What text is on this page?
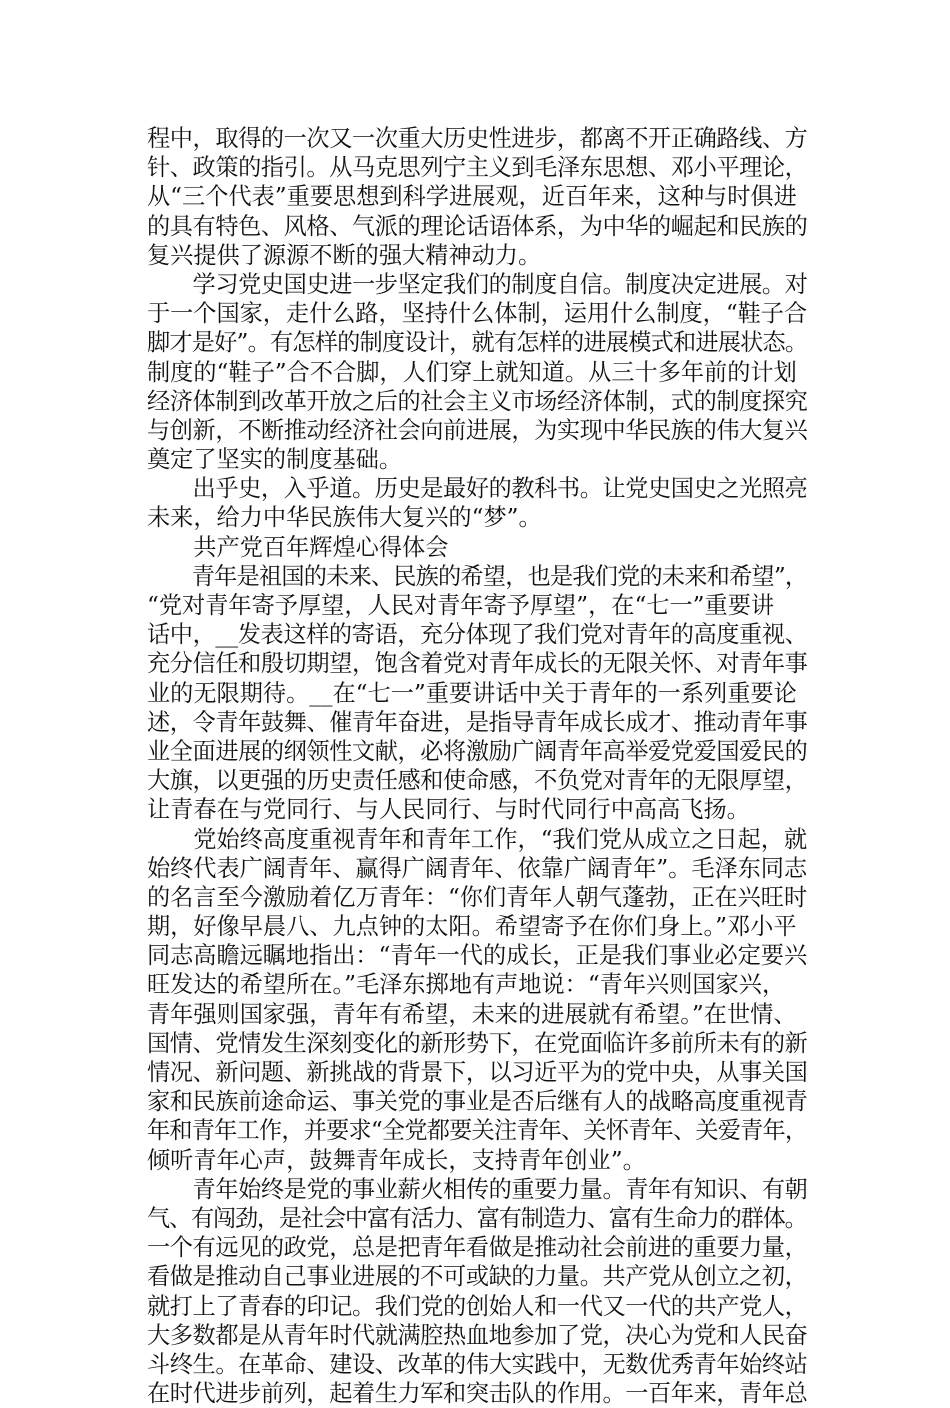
程中，取得的一次又一次重大历史性进步，都离不开正确路线、方
针、政策的指引。从马克思列宁主义到毛泽东思想、邓小平理论，
从“三个代表”重要思想到科学进展观，近百年来，这种与时俱进
的具有特色、风格、气派的理论话语体系，为中华的崛起和民族的
复兴提供了源源不断的强大精神动力。
　　学习党史国史进一步坚定我们的制度自信。制度决定进展。对
于一个国家，走什么路，坚持什么体制，运用什么制度，“鞋子合
脚才是好”。有怎样的制度设计，就有怎样的进展模式和进展状态。
制度的“鞋子”合不合脚，人们穿上就知道。从三十多年前的计划
经济体制到改革开放之后的社会主义市场经济体制，式的制度探究
与创新，不断推动经济社会向前进展，为实现中华民族的伟大复兴
奠定了坚实的制度基础。
　　出乎史，入乎道。历史是最好的教科书。让党史国史之光照亮
未来，给力中华民族伟大复兴的“梦”。
　　共产党百年辉煌心得体会
　　青年是祖国的未来、民族的希望，也是我们党的未来和希望”，
“党对青年寄予厚望，人民对青年寄予厚望”，在“七一”重要讲
话中，__发表这样的寄语，充分体现了我们党对青年的高度重视、
充分信任和殷切期望，饱含着党对青年成长的无限关怀、对青年事
业的无限期待。__在“七一”重要讲话中关于青年的一系列重要论
述，令青年鼓舞、催青年奋进，是指导青年成长成才、推动青年事
业全面进展的纲领性文献，必将激励广阔青年高举爱党爱国爱民的
大旗，以更强的历史责任感和使命感，不负党对青年的无限厚望，
让青春在与党同行、与人民同行、与时代同行中高高飞扬。
　　党始终高度重视青年和青年工作，“我们党从成立之日起，就
始终代表广阔青年、赢得广阔青年、依靠广阔青年”。毛泽东同志
的名言至今激励着亿万青年：“你们青年人朝气蓬勃，正在兴旺时
期，好像早晨八、九点钟的太阳。希望寄予在你们身上。”邓小平
同志高瞻远瞩地指出：“青年一代的成长，正是我们事业必定要兴
旺发达的希望所在。”毛泽东掷地有声地说：“青年兴则国家兴，
青年强则国家强，青年有希望，未来的进展就有希望。”在世情、
国情、党情发生深刻变化的新形势下，在党面临许多前所未有的新
情况、新问题、新挑战的背景下，以习近平为的党中央，从事关国
家和民族前途命运、事关党的事业是否后继有人的战略高度重视青
年和青年工作，并要求“全党都要关注青年、关怀青年、关爱青年，
倾听青年心声，鼓舞青年成长，支持青年创业”。
　　青年始终是党的事业薪火相传的重要力量。青年有知识、有朝
气、有闯劲，是社会中富有活力、富有制造力、富有生命力的群体。
一个有远见的政党，总是把青年看做是推动社会前进的重要力量，
看做是推动自己事业进展的不可或缺的力量。共产党从创立之初，
就打上了青春的印记。我们党的创始人和一代又一代的共产党人，
大多数都是从青年时代就满腔热血地参加了党，决心为党和人民奋
斗终生。在革命、建设、改革的伟大实践中，无数优秀青年始终站
在时代进步前列，起着生力军和突击队的作用。一百年来，青年总
